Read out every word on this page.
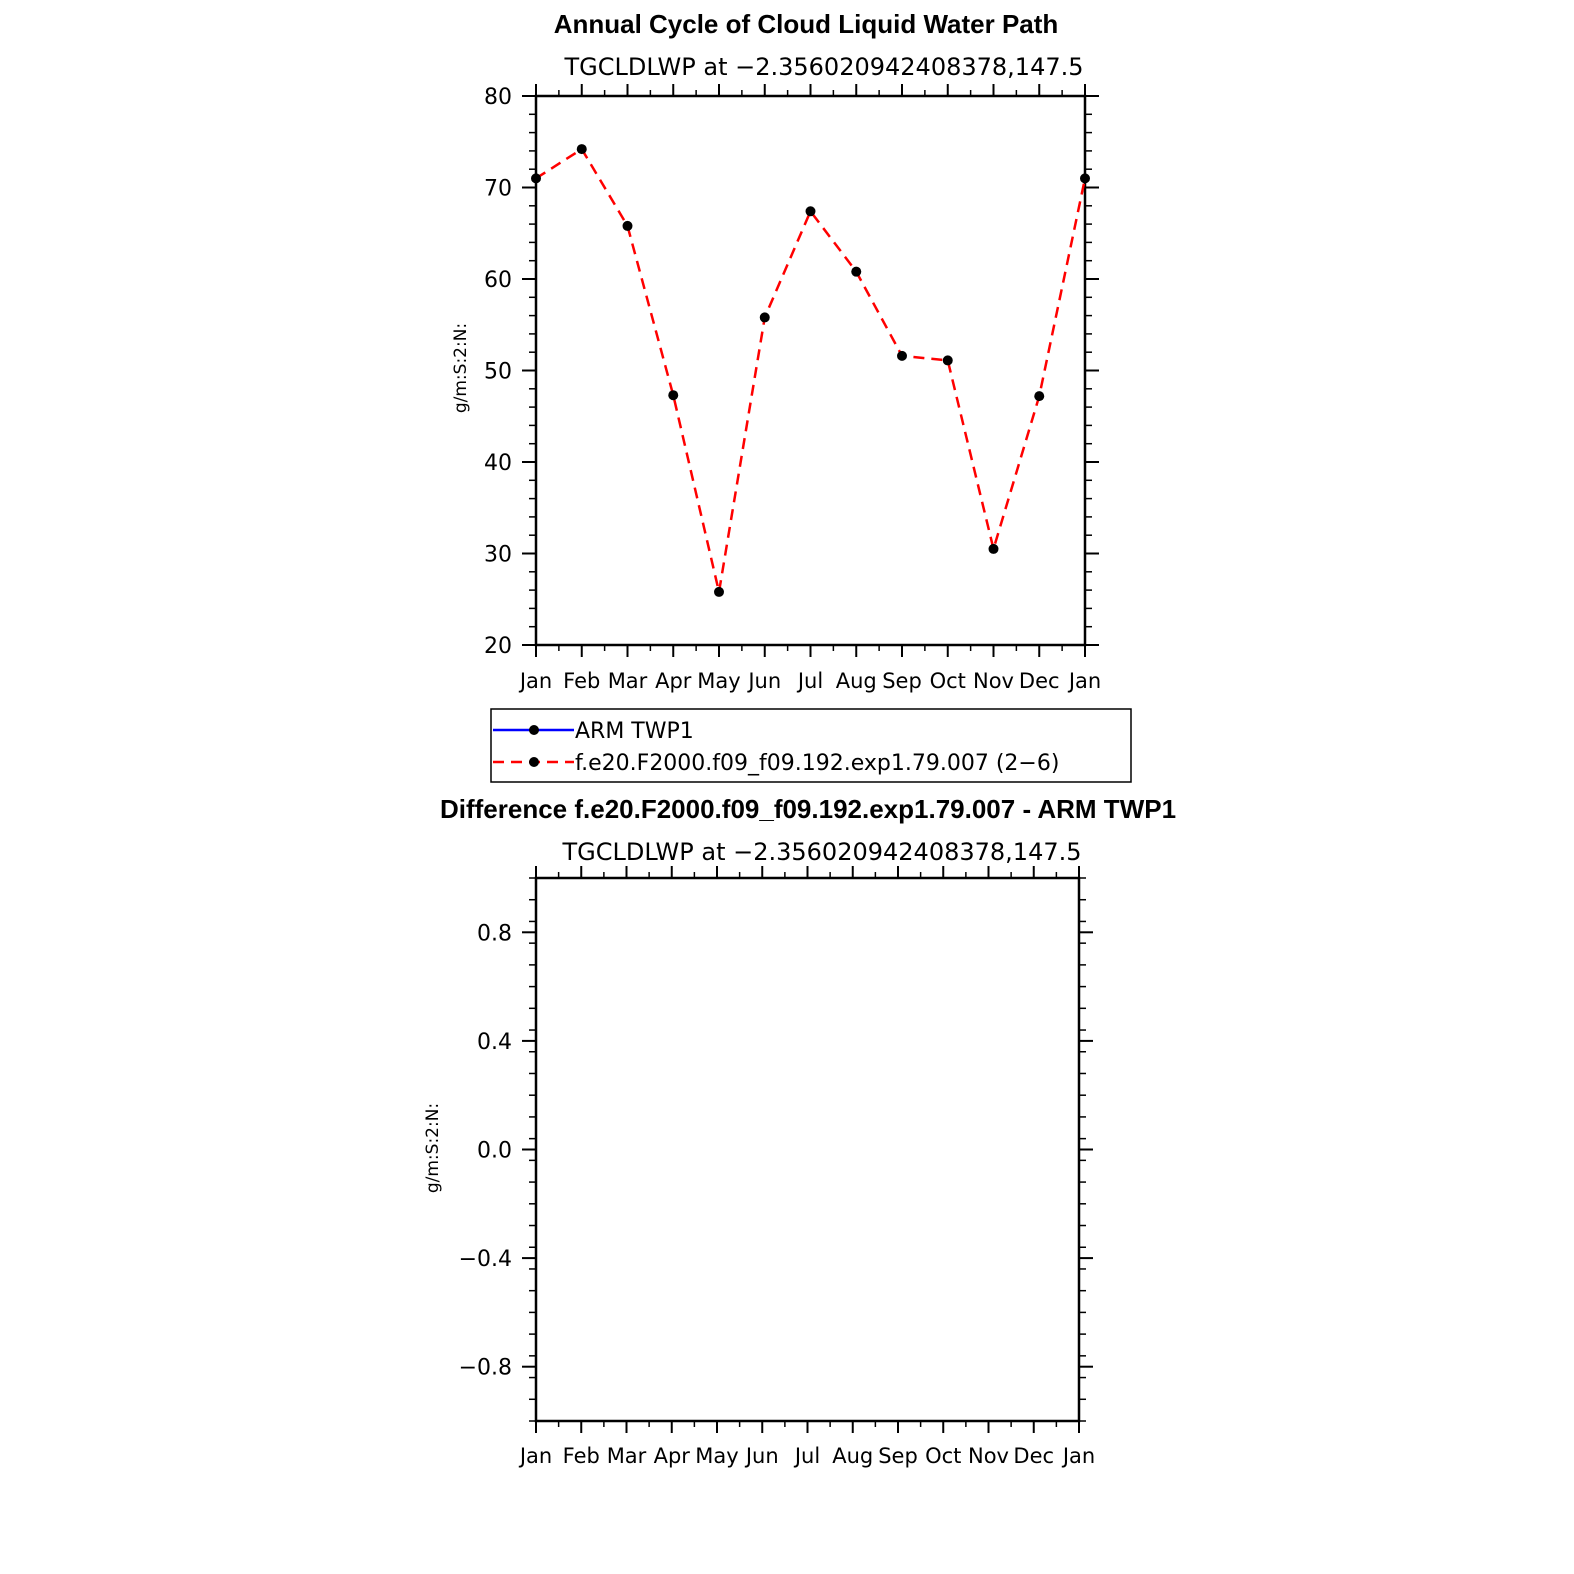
Annual Cycle of Cloud Liquid Water Path
TGCLDLWP at −2.356020942408378,147.5
g/m:S:2:N:
Jan Feb Mar Apr May Jun Jul Aug Sep Oct Nov Dec Jan
20
30
40
50
60
70
80
ARM TWP1
f.e20.F2000.f09_f09.192.exp1.79.007 (2−6)
Difference f.e20.F2000.f09_f09.192.exp1.79.007 - ARM TWP1
TGCLDLWP at −2.356020942408378,147.5
g/m:S:2:N:
Jan Feb Mar Apr May Jun Jul Aug Sep Oct Nov Dec Jan
−0.8
−0.4
0.0
0.4
0.8
